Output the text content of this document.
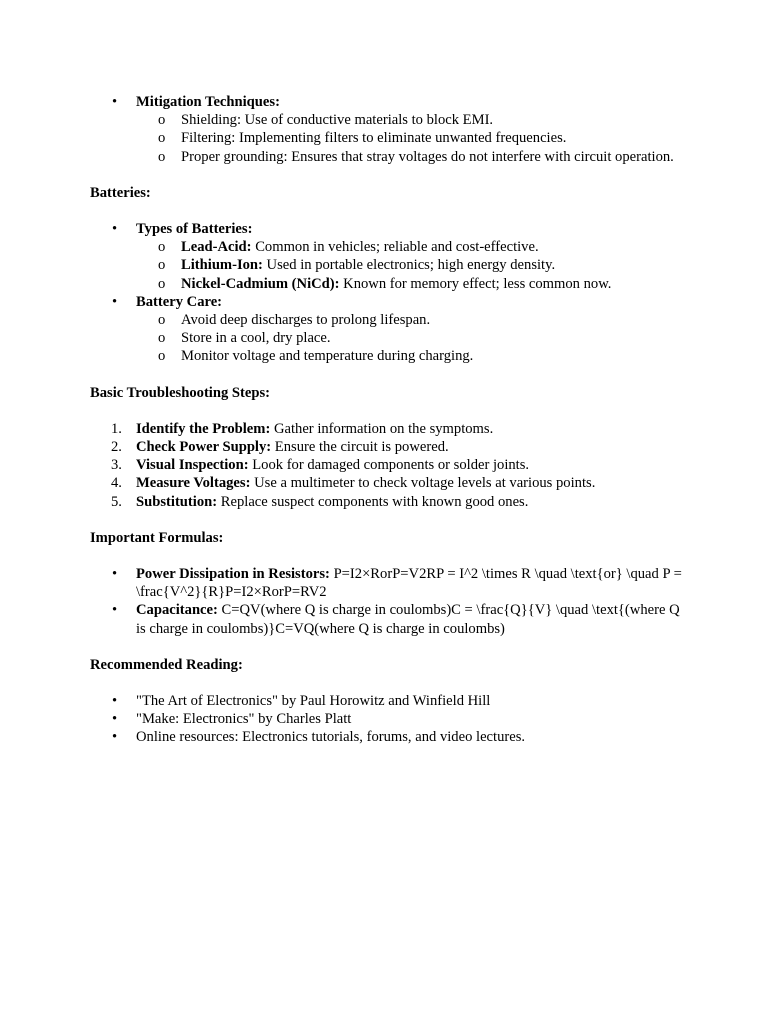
• Mitigation Techniques:
o Shielding: Use of conductive materials to block EMI.
o Filtering: Implementing filters to eliminate unwanted frequencies.
o Proper grounding: Ensures that stray voltages do not interfere with circuit operation.

Batteries:

• Types of Batteries:
o Lead-Acid: Common in vehicles; reliable and cost-effective.
o Lithium-Ion: Used in portable electronics; high energy density.
o Nickel-Cadmium (NiCd): Known for memory effect; less common now.
• Battery Care:
o Avoid deep discharges to prolong lifespan.
o Store in a cool, dry place.
o Monitor voltage and temperature during charging.

Basic Troubleshooting Steps:

1. Identify the Problem: Gather information on the symptoms.
2. Check Power Supply: Ensure the circuit is powered.
3. Visual Inspection: Look for damaged components or solder joints.
4. Measure Voltages: Use a multimeter to check voltage levels at various points.
5. Substitution: Replace suspect components with known good ones.

Important Formulas:

• Power Dissipation in Resistors: P=I2×RorP=V2RP = I^2 \times R \quad \text{or} \quad P = \frac{V^2}{R}P=I2×RorP=RV2
• Capacitance: C=QV(where Q is charge in coulombs)C = \frac{Q}{V} \quad \text{(where Q is charge in coulombs)}C=VQ(where Q is charge in coulombs)

Recommended Reading:

• "The Art of Electronics" by Paul Horowitz and Winfield Hill
• "Make: Electronics" by Charles Platt
• Online resources: Electronics tutorials, forums, and video lectures.
